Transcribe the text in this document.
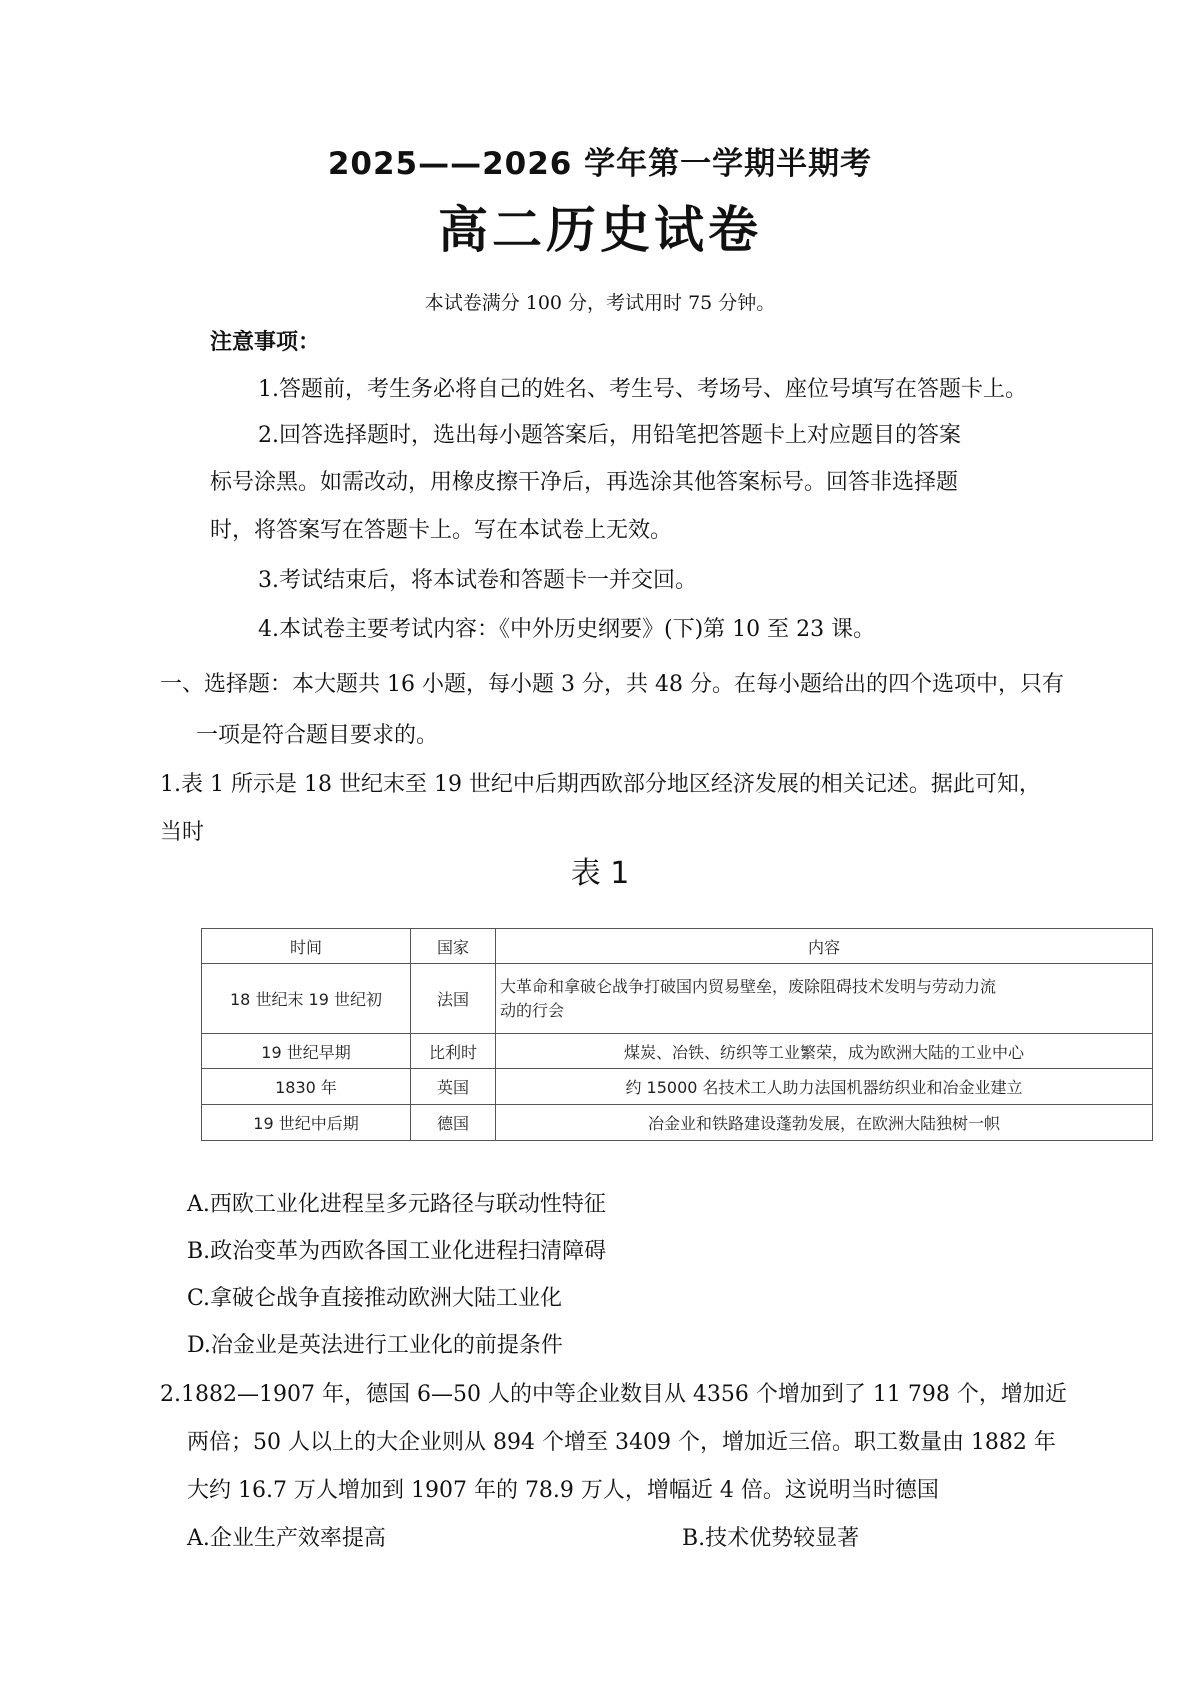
2025——2026 学年第一学期半期考
高二历史试卷
本试卷满分 100 分，考试用时 75 分钟。
注意事项：
1.答题前，考生务必将自己的姓名、考生号、考场号、座位号填写在答题卡上。
2.回答选择题时，选出每小题答案后，用铅笔把答题卡上对应题目的答案
标号涂黑。如需改动，用橡皮擦干净后，再选涂其他答案标号。回答非选择题
时，将答案写在答题卡上。写在本试卷上无效。
3.考试结束后，将本试卷和答题卡一并交回。
4.本试卷主要考试内容：《中外历史纲要》(下)第 10 至 23 课。
一、选择题：本大题共 16 小题，每小题 3 分，共 48 分。在每小题给出的四个选项中，只有
一项是符合题目要求的。
1.表 1 所示是 18 世纪末至 19 世纪中后期西欧部分地区经济发展的相关记述。据此可知，
当时
表 1
时间	国家	内容
18 世纪末 19 世纪初	法国	大革命和拿破仑战争打破国内贸易壁垒，废除阻碍技术发明与劳动力流
动的行会

19 世纪早期	比利时	煤炭、冶铁、纺织等工业繁荣，成为欧洲大陆的工业中心
1830 年	英国	约 15000 名技术工人助力法国机器纺织业和冶金业建立
19 世纪中后期	德国	冶金业和铁路建设蓬勃发展，在欧洲大陆独树一帜
A.西欧工业化进程呈多元路径与联动性特征
B.政治变革为西欧各国工业化进程扫清障碍
C.拿破仑战争直接推动欧洲大陆工业化
D.冶金业是英法进行工业化的前提条件
2.1882—1907 年，德国 6—50 人的中等企业数目从 4356 个增加到了 11 798 个，增加近
两倍；50 人以上的大企业则从 894 个增至 3409 个，增加近三倍。职工数量由 1882 年
大约 16.7 万人增加到 1907 年的 78.9 万人，增幅近 4 倍。这说明当时德国
A.企业生产效率提高	B.技术优势较显著
